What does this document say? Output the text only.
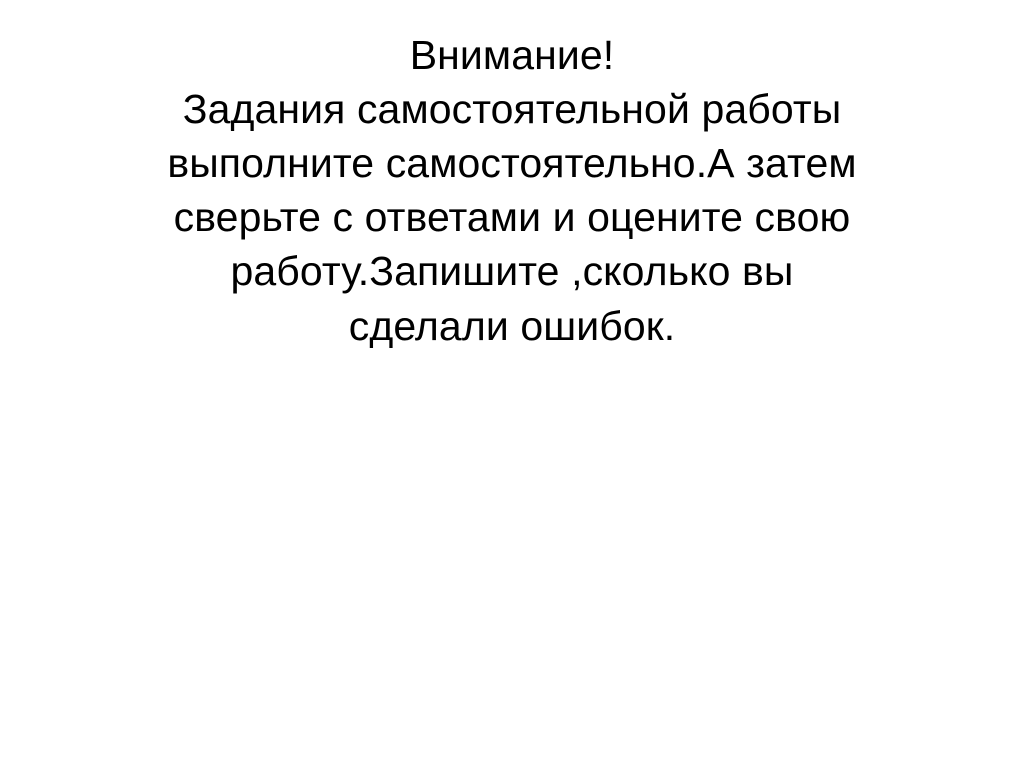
Внимание!
Задания самостоятельной работы
выполните самостоятельно.А затем
сверьте с ответами и оцените свою
работу.Запишите ,сколько вы
сделали ошибок.
